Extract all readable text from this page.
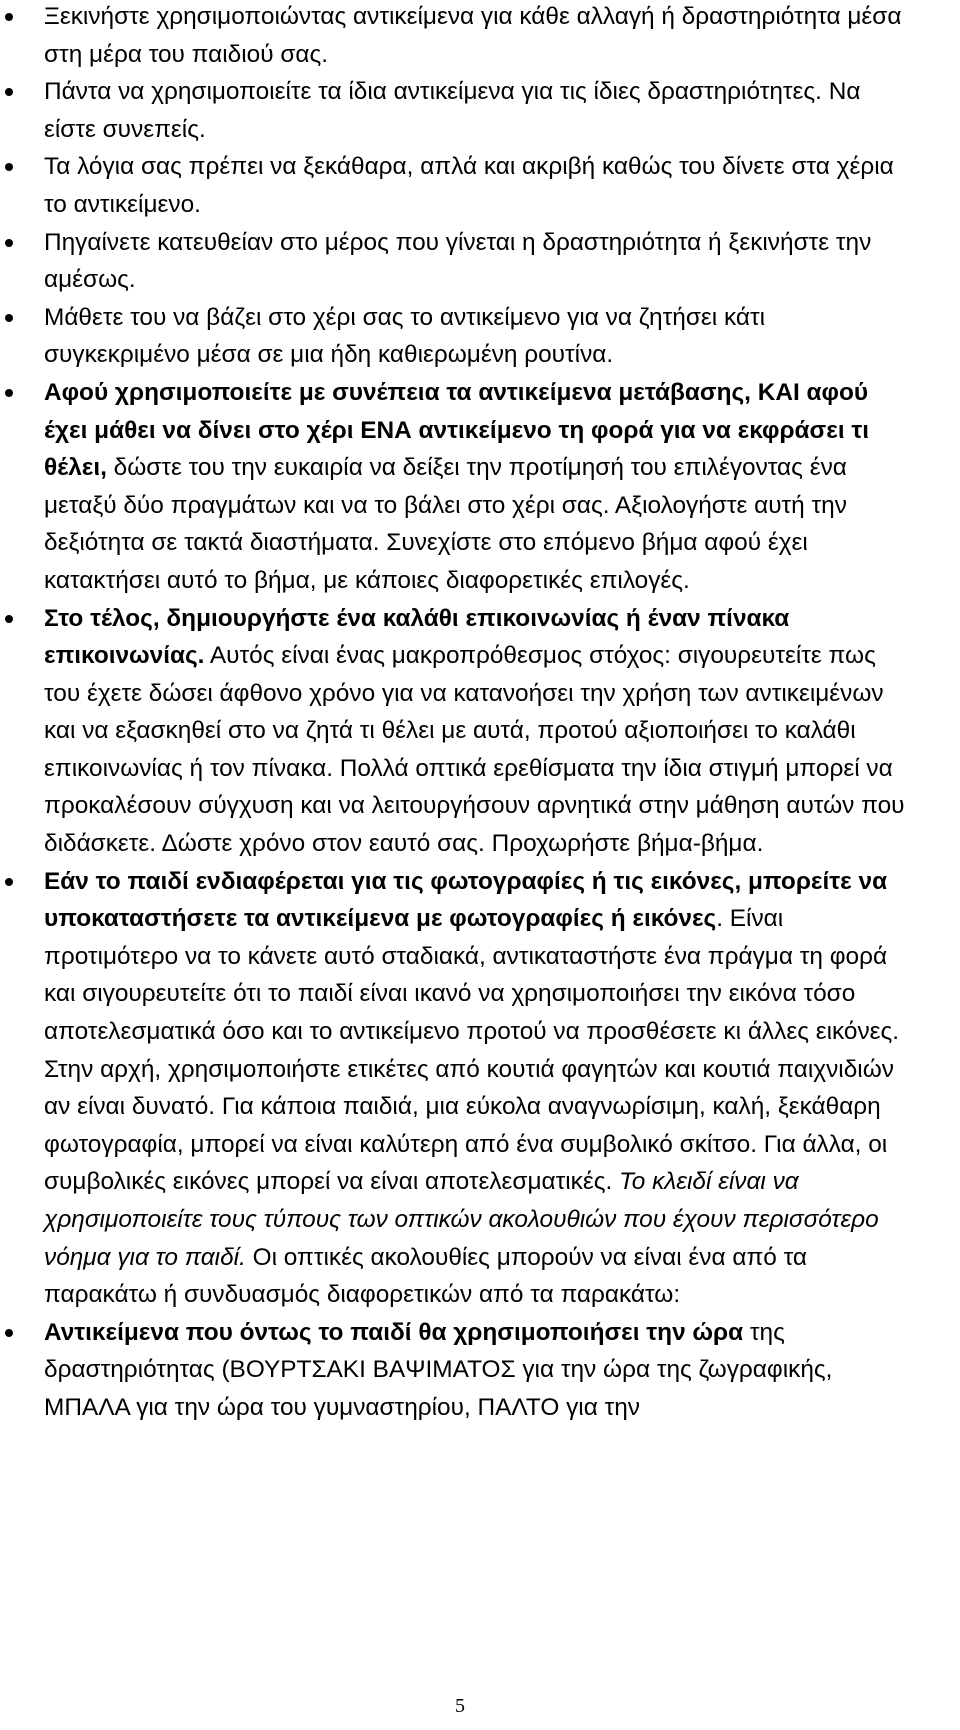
Ξεκινήστε χρησιμοποιώντας αντικείμενα για κάθε αλλαγή ή δραστηριότητα μέσα στη μέρα του παιδιού σας.
Πάντα να χρησιμοποιείτε τα ίδια αντικείμενα για τις ίδιες δραστηριότητες. Να είστε συνεπείς.
Τα λόγια σας πρέπει να ξεκάθαρα, απλά και ακριβή καθώς του δίνετε στα χέρια το αντικείμενο.
Πηγαίνετε κατευθείαν στο μέρος που γίνεται η δραστηριότητα ή ξεκινήστε την αμέσως.
Μάθετε του να βάζει στο χέρι σας το αντικείμενο για να ζητήσει κάτι συγκεκριμένο μέσα σε μια ήδη καθιερωμένη ρουτίνα.
Αφού χρησιμοποιείτε με συνέπεια τα αντικείμενα μετάβασης, ΚΑΙ αφού έχει μάθει να δίνει στο χέρι ΕΝΑ αντικείμενο τη φορά για να εκφράσει τι θέλει, δώστε του την ευκαιρία να δείξει την προτίμησή του επιλέγοντας ένα μεταξύ δύο πραγμάτων και να το βάλει στο χέρι σας. Αξιολογήστε αυτή την δεξιότητα σε τακτά διαστήματα. Συνεχίστε στο επόμενο βήμα αφού έχει κατακτήσει αυτό το βήμα, με κάποιες διαφορετικές επιλογές.
Στο τέλος, δημιουργήστε ένα καλάθι επικοινωνίας ή έναν πίνακα επικοινωνίας. Αυτός είναι ένας μακροπρόθεσμος στόχος: σιγουρευτείτε πως του έχετε δώσει άφθονο χρόνο για να κατανοήσει την χρήση των αντικειμένων και να εξασκηθεί στο να ζητά τι θέλει με αυτά, προτού αξιοποιήσει το καλάθι επικοινωνίας ή τον πίνακα. Πολλά οπτικά ερεθίσματα την ίδια στιγμή μπορεί να προκαλέσουν σύγχυση και να λειτουργήσουν αρνητικά στην μάθηση αυτών που διδάσκετε. Δώστε χρόνο στον εαυτό σας. Προχωρήστε βήμα-βήμα.
Εάν το παιδί ενδιαφέρεται για τις φωτογραφίες ή τις εικόνες, μπορείτε να υποκαταστήσετε τα αντικείμενα με φωτογραφίες ή εικόνες. Είναι προτιμότερο να το κάνετε αυτό σταδιακά, αντικαταστήστε ένα πράγμα τη φορά και σιγουρευτείτε ότι το παιδί είναι ικανό να χρησιμοποιήσει την εικόνα τόσο αποτελεσματικά όσο και το αντικείμενο προτού να προσθέσετε κι άλλες εικόνες. Στην αρχή, χρησιμοποιήστε ετικέτες από κουτιά φαγητών και κουτιά παιχνιδιών αν είναι δυνατό. Για κάποια παιδιά, μια εύκολα αναγνωρίσιμη, καλή, ξεκάθαρη φωτογραφία, μπορεί να είναι καλύτερη από ένα συμβολικό σκίτσο. Για άλλα, οι συμβολικές εικόνες μπορεί να είναι αποτελεσματικές. Το κλειδί είναι να χρησιμοποιείτε τους τύπους των οπτικών ακολουθιών που έχουν περισσότερο νόημα για το παιδί. Οι οπτικές ακολουθίες μπορούν να είναι ένα από τα παρακάτω ή συνδυασμός διαφορετικών από τα παρακάτω:
Αντικείμενα που όντως το παιδί θα χρησιμοποιήσει την ώρα της δραστηριότητας (ΒΟΥΡΤΣΑΚΙ ΒΑΨΙΜΑΤΟΣ για την ώρα της ζωγραφικής, ΜΠΑΛΑ για την ώρα του γυμναστηρίου, ΠΑΛΤΟ για την
5
